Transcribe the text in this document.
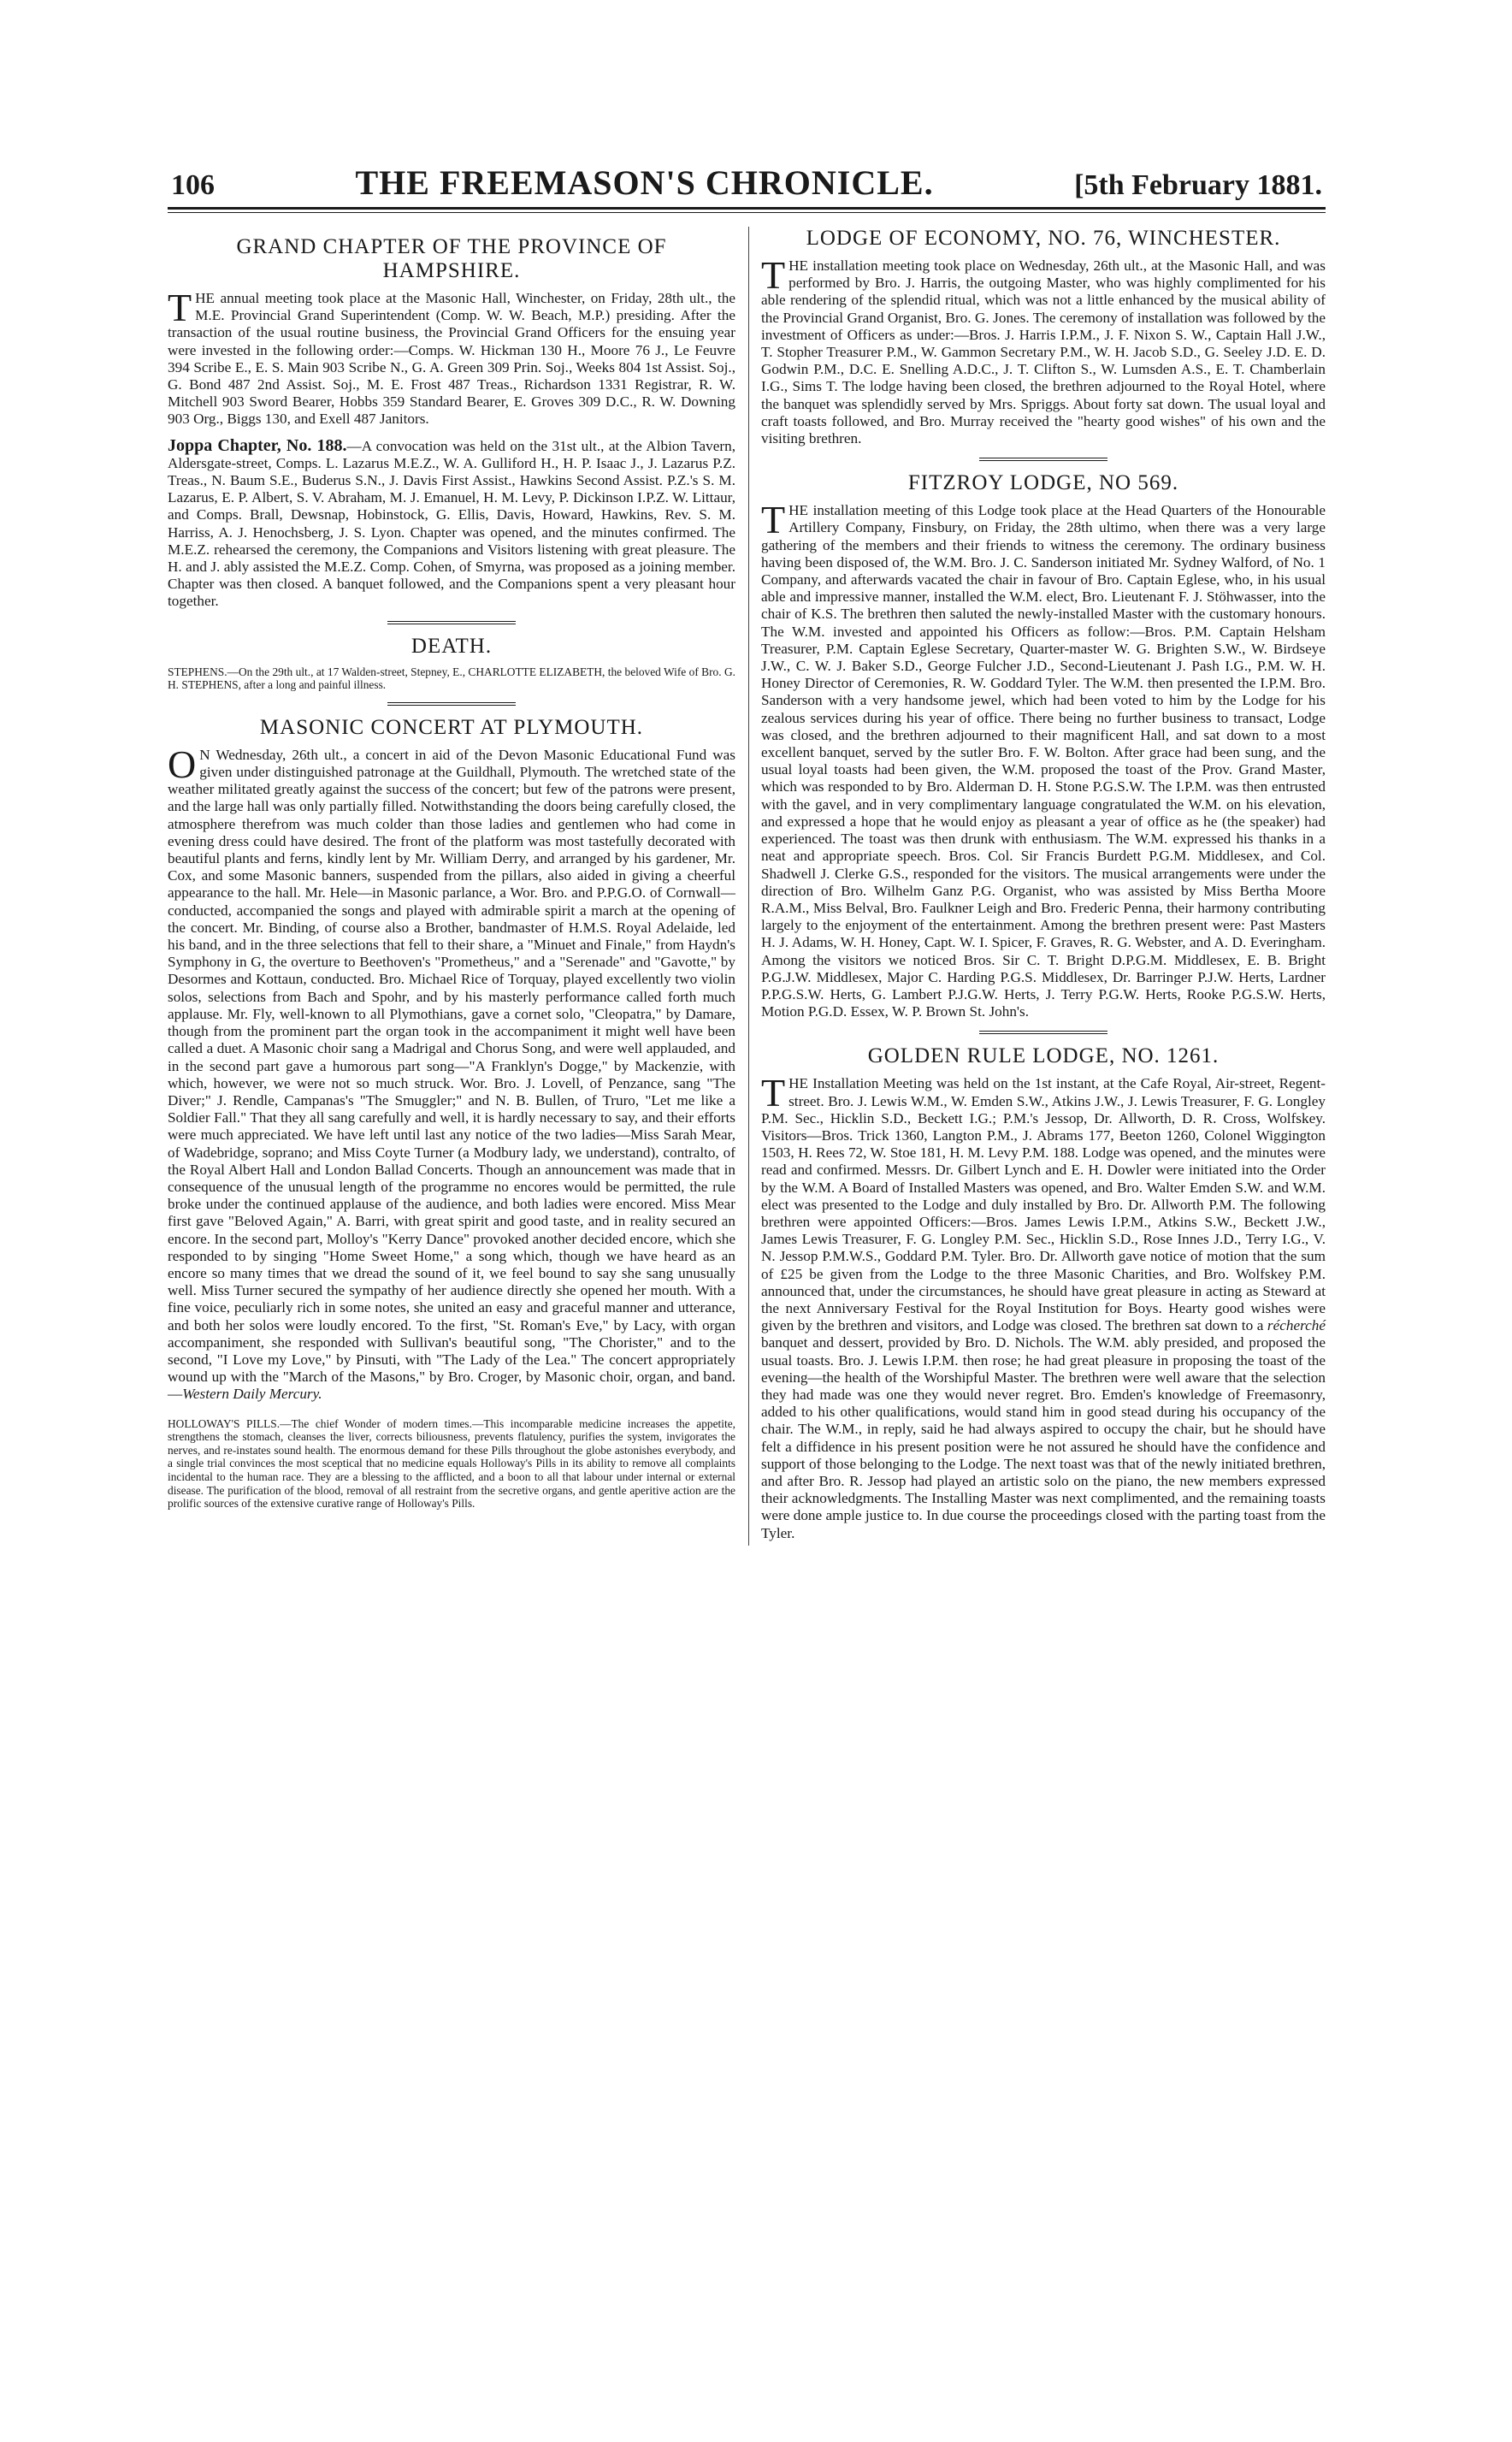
106	THE FREEMASON'S CHRONICLE.	[5th February 1881.
GRAND CHAPTER OF THE PROVINCE OF HAMPSHIRE.

THE annual meeting took place at the Masonic Hall, Winchester, on Friday, 28th ult., the M.E. Provincial Grand Superintendent (Comp. W. W. Beach, M.P.) presiding. After the transaction of the usual routine business, the Provincial Grand Officers for the ensuing year were invested in the following order:—Comps. W. Hickman 130 H., Moore 76 J., Le Feuvre 394 Scribe E., E. S. Main 903 Scribe N., G. A. Green 309 Prin. Soj., Weeks 804 1st Assist. Soj., G. Bond 487 2nd Assist. Soj., M. E. Frost 487 Treas., Richardson 1331 Registrar, R. W. Mitchell 903 Sword Bearer, Hobbs 359 Standard Bearer, E. Groves 309 D.C., R. W. Downing 903 Org., Biggs 130, and Exell 487 Janitors.

Joppa Chapter, No. 188.—A convocation was held on the 31st ult., at the Albion Tavern, Aldersgate-street, Comps. L. Lazarus M.E.Z., W. A. Gulliford H., H. P. Isaac J., J. Lazarus P.Z. Treas., N. Baum S.E., Buderus S.N., J. Davis First Assist., Hawkins Second Assist. P.Z.'s S. M. Lazarus, E. P. Albert, S. V. Abraham, M. J. Emanuel, H. M. Levy, P. Dickinson I.P.Z. W. Littaur, and Comps. Brall, Dewsnap, Hobinstock, G. Ellis, Davis, Howard, Hawkins, Rev. S. M. Harriss, A. J. Henochsberg, J. S. Lyon. Chapter was opened, and the minutes confirmed. The M.E.Z. rehearsed the ceremony, the Companions and Visitors listening with great pleasure. The H. and J. ably assisted the M.E.Z. Comp. Cohen, of Smyrna, was proposed as a joining member. Chapter was then closed. A banquet followed, and the Companions spent a very pleasant hour together.

DEATH.

STEPHENS.—On the 29th ult., at 17 Walden-street, Stepney, E., CHARLOTTE ELIZABETH, the beloved Wife of Bro. G. H. STEPHENS, after a long and painful illness.

MASONIC CONCERT AT PLYMOUTH.

ON Wednesday, 26th ult., a concert in aid of the Devon Masonic Educational Fund was given under distinguished patronage at the Guildhall, Plymouth. The wretched state of the weather militated greatly against the success of the concert; but few of the patrons were present, and the large hall was only partially filled. Notwithstanding the doors being carefully closed, the atmosphere therefrom was much colder than those ladies and gentlemen who had come in evening dress could have desired. The front of the platform was most tastefully decorated with beautiful plants and ferns, kindly lent by Mr. William Derry, and arranged by his gardener, Mr. Cox, and some Masonic banners, suspended from the pillars, also aided in giving a cheerful appearance to the hall. Mr. Hele—in Masonic parlance, a Wor. Bro. and P.P.G.O. of Cornwall—conducted, accompanied the songs and played with admirable spirit a march at the opening of the concert. Mr. Binding, of course also a Brother, bandmaster of H.M.S. Royal Adelaide, led his band, and in the three selections that fell to their share, a "Minuet and Finale," from Haydn's Symphony in G, the overture to Beethoven's "Prometheus," and a "Serenade" and "Gavotte," by Desormes and Kottaun, conducted. Bro. Michael Rice of Torquay, played excellently two violin solos, selections from Bach and Spohr, and by his masterly performance called forth much applause. Mr. Fly, well-known to all Plymothians, gave a cornet solo, "Cleopatra," by Damare, though from the prominent part the organ took in the accompaniment it might well have been called a duet. A Masonic choir sang a Madrigal and Chorus Song, and were well applauded, and in the second part gave a humorous part song—"A Franklyn's Dogge," by Mackenzie, with which, however, we were not so much struck. Wor. Bro. J. Lovell, of Penzance, sang "The Diver;" J. Rendle, Campanas's "The Smuggler;" and N. B. Bullen, of Truro, "Let me like a Soldier Fall." That they all sang carefully and well, it is hardly necessary to say, and their efforts were much appreciated. We have left until last any notice of the two ladies—Miss Sarah Mear, of Wadebridge, soprano; and Miss Coyte Turner (a Modbury lady, we understand), contralto, of the Royal Albert Hall and London Ballad Concerts. Though an announcement was made that in consequence of the unusual length of the programme no encores would be permitted, the rule broke under the continued applause of the audience, and both ladies were encored. Miss Mear first gave "Beloved Again," A. Barri, with great spirit and good taste, and in reality secured an encore. In the second part, Molloy's "Kerry Dance" provoked another decided encore, which she responded to by singing "Home Sweet Home," a song which, though we have heard as an encore so many times that we dread the sound of it, we feel bound to say she sang unusually well. Miss Turner secured the sympathy of her audience directly she opened her mouth. With a fine voice, peculiarly rich in some notes, she united an easy and graceful manner and utterance, and both her solos were loudly encored. To the first, "St. Roman's Eve," by Lacy, with organ accompaniment, she responded with Sullivan's beautiful song, "The Chorister," and to the second, "I Love my Love," by Pinsuti, with "The Lady of the Lea." The concert appropriately wound up with the "March of the Masons," by Bro. Croger, by Masonic choir, organ, and band.—Western Daily Mercury.

HOLLOWAY'S PILLS.—The chief Wonder of modern times.—This incomparable medicine increases the appetite, strengthens the stomach, cleanses the liver, corrects biliousness, prevents flatulency, purifies the system, invigorates the nerves, and re-instates sound health. The enormous demand for these Pills throughout the globe astonishes everybody, and a single trial convinces the most sceptical that no medicine equals Holloway's Pills in its ability to remove all complaints incidental to the human race. They are a blessing to the afflicted, and a boon to all that labour under internal or external disease. The purification of the blood, removal of all restraint from the secretive organs, and gentle aperitive action are the prolific sources of the extensive curative range of Holloway's Pills.

LODGE OF ECONOMY, NO. 76, WINCHESTER.

THE installation meeting took place on Wednesday, 26th ult., at the Masonic Hall, and was performed by Bro. J. Harris, the outgoing Master, who was highly complimented for his able rendering of the splendid ritual, which was not a little enhanced by the musical ability of the Provincial Grand Organist, Bro. G. Jones. The ceremony of installation was followed by the investment of Officers as under:—Bros. J. Harris I.P.M., J. F. Nixon S. W., Captain Hall J.W., T. Stopher Treasurer P.M., W. Gammon Secretary P.M., W. H. Jacob S.D., G. Seeley J.D. E. D. Godwin P.M., D.C. E. Snelling A.D.C., J. T. Clifton S., W. Lumsden A.S., E. T. Chamberlain I.G., Sims T. The lodge having been closed, the brethren adjourned to the Royal Hotel, where the banquet was splendidly served by Mrs. Spriggs. About forty sat down. The usual loyal and craft toasts followed, and Bro. Murray received the "hearty good wishes" of his own and the visiting brethren.

FITZROY LODGE, NO 569.

THE installation meeting of this Lodge took place at the Head Quarters of the Honourable Artillery Company, Finsbury, on Friday, the 28th ultimo, when there was a very large gathering of the members and their friends to witness the ceremony. The ordinary business having been disposed of, the W.M. Bro. J. C. Sanderson initiated Mr. Sydney Walford, of No. 1 Company, and afterwards vacated the chair in favour of Bro. Captain Eglese, who, in his usual able and impressive manner, installed the W.M. elect, Bro. Lieutenant F. J. Stöhwasser, into the chair of K.S. The brethren then saluted the newly-installed Master with the customary honours. The W.M. invested and appointed his Officers as follow:—Bros. P.M. Captain Helsham Treasurer, P.M. Captain Eglese Secretary, Quarter-master W. G. Brighten S.W., W. Birdseye J.W., C. W. J. Baker S.D., George Fulcher J.D., Second-Lieutenant J. Pash I.G., P.M. W. H. Honey Director of Ceremonies, R. W. Goddard Tyler. The W.M. then presented the I.P.M. Bro. Sanderson with a very handsome jewel, which had been voted to him by the Lodge for his zealous services during his year of office. There being no further business to transact, Lodge was closed, and the brethren adjourned to their magnificent Hall, and sat down to a most excellent banquet, served by the sutler Bro. F. W. Bolton. After grace had been sung, and the usual loyal toasts had been given, the W.M. proposed the toast of the Prov. Grand Master, which was responded to by Bro. Alderman D. H. Stone P.G.S.W. The I.P.M. was then entrusted with the gavel, and in very complimentary language congratulated the W.M. on his elevation, and expressed a hope that he would enjoy as pleasant a year of office as he (the speaker) had experienced. The toast was then drunk with enthusiasm. The W.M. expressed his thanks in a neat and appropriate speech. Bros. Col. Sir Francis Burdett P.G.M. Middlesex, and Col. Shadwell J. Clerke G.S., responded for the visitors. The musical arrangements were under the direction of Bro. Wilhelm Ganz P.G. Organist, who was assisted by Miss Bertha Moore R.A.M., Miss Belval, Bro. Faulkner Leigh and Bro. Frederic Penna, their harmony contributing largely to the enjoyment of the entertainment. Among the brethren present were: Past Masters H. J. Adams, W. H. Honey, Capt. W. I. Spicer, F. Graves, R. G. Webster, and A. D. Everingham. Among the visitors we noticed Bros. Sir C. T. Bright D.P.G.M. Middlesex, E. B. Bright P.G.J.W. Middlesex, Major C. Harding P.G.S. Middlesex, Dr. Barringer P.J.W. Herts, Lardner P.P.G.S.W. Herts, G. Lambert P.J.G.W. Herts, J. Terry P.G.W. Herts, Rooke P.G.S.W. Herts, Motion P.G.D. Essex, W. P. Brown St. John's.

GOLDEN RULE LODGE, NO. 1261.

THE Installation Meeting was held on the 1st instant, at the Cafe Royal, Air-street, Regent-street. Bro. J. Lewis W.M., W. Emden S.W., Atkins J.W., J. Lewis Treasurer, F. G. Longley P.M. Sec., Hicklin S.D., Beckett I.G.; P.M.'s Jessop, Dr. Allworth, D. R. Cross, Wolfskey. Visitors—Bros. Trick 1360, Langton P.M., J. Abrams 177, Beeton 1260, Colonel Wiggington 1503, H. Rees 72, W. Stoe 181, H. M. Levy P.M. 188. Lodge was opened, and the minutes were read and confirmed. Messrs. Dr. Gilbert Lynch and E. H. Dowler were initiated into the Order by the W.M. A Board of Installed Masters was opened, and Bro. Walter Emden S.W. and W.M. elect was presented to the Lodge and duly installed by Bro. Dr. Allworth P.M. The following brethren were appointed Officers:—Bros. James Lewis I.P.M., Atkins S.W., Beckett J.W., James Lewis Treasurer, F. G. Longley P.M. Sec., Hicklin S.D., Rose Innes J.D., Terry I.G., V. N. Jessop P.M.W.S., Goddard P.M. Tyler. Bro. Dr. Allworth gave notice of motion that the sum of £25 be given from the Lodge to the three Masonic Charities, and Bro. Wolfskey P.M. announced that, under the circumstances, he should have great pleasure in acting as Steward at the next Anniversary Festival for the Royal Institution for Boys. Hearty good wishes were given by the brethren and visitors, and Lodge was closed. The brethren sat down to a récherché banquet and dessert, provided by Bro. D. Nichols. The W.M. ably presided, and proposed the usual toasts. Bro. J. Lewis I.P.M. then rose; he had great pleasure in proposing the toast of the evening—the health of the Worshipful Master. The brethren were well aware that the selection they had made was one they would never regret. Bro. Emden's knowledge of Freemasonry, added to his other qualifications, would stand him in good stead during his occupancy of the chair. The W.M., in reply, said he had always aspired to occupy the chair, but he should have felt a diffidence in his present position were he not assured he should have the confidence and support of those belonging to the Lodge. The next toast was that of the newly initiated brethren, and after Bro. R. Jessop had played an artistic solo on the piano, the new members expressed their acknowledgments. The Installing Master was next complimented, and the remaining toasts were done ample justice to. In due course the proceedings closed with the parting toast from the Tyler.
